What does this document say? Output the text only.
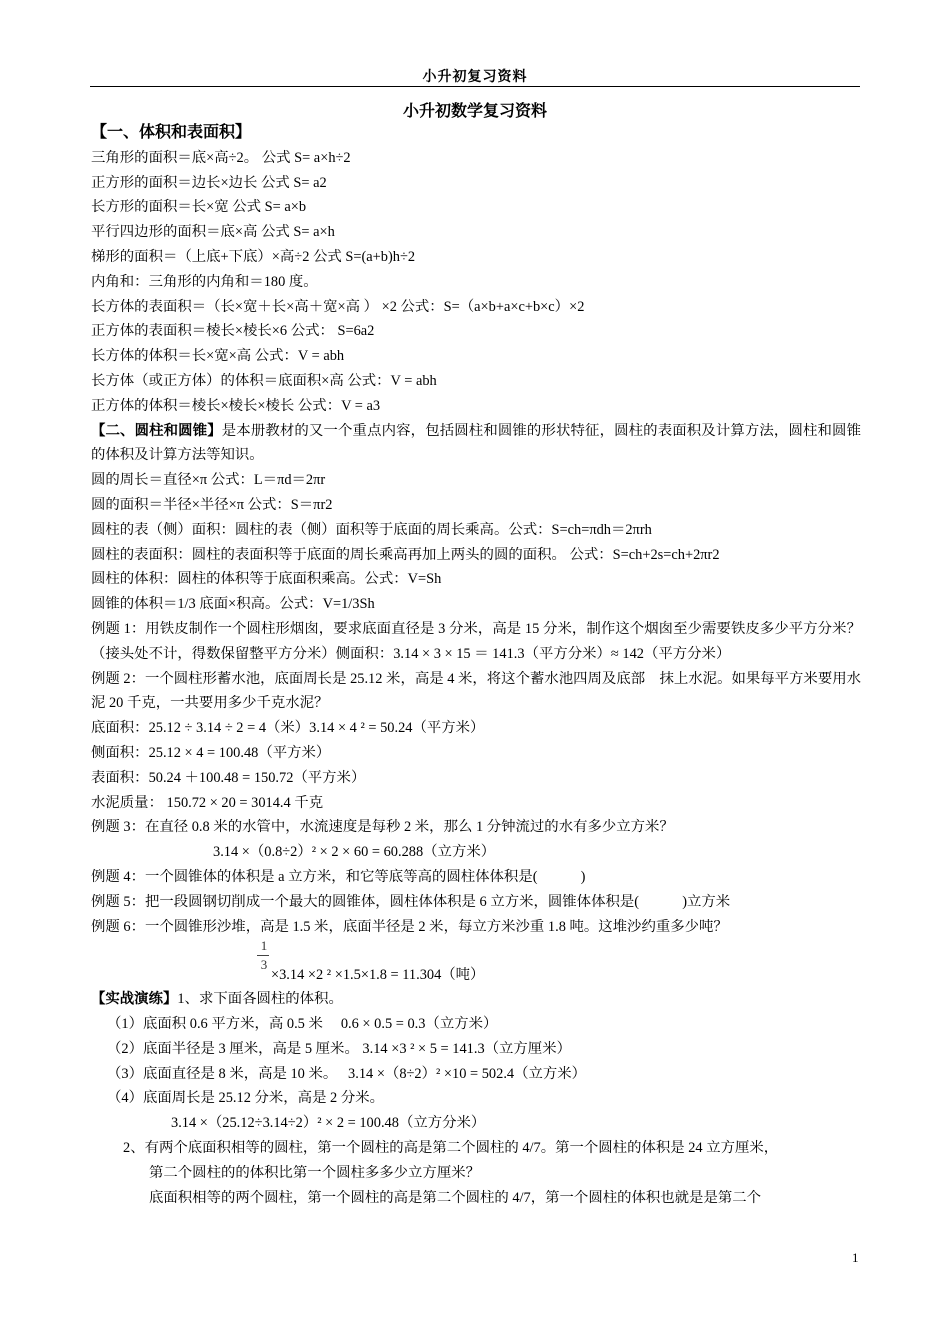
小升初复习资料
小升初数学复习资料
【一、体积和表面积】
三角形的面积＝底×高÷2。 公式 S= a×h÷2
正方形的面积＝边长×边长 公式 S= a2
长方形的面积＝长×宽 公式 S= a×b
平行四边形的面积＝底×高 公式 S= a×h
梯形的面积＝（上底+下底）×高÷2 公式 S=(a+b)h÷2
内角和：三角形的内角和＝180 度。
长方体的表面积＝（长×宽＋长×高＋宽×高 ） ×2 公式：S=（a×b+a×c+b×c）×2
正方体的表面积＝棱长×棱长×6 公式： S=6a2
长方体的体积＝长×宽×高 公式：V = abh
长方体（或正方体）的体积＝底面积×高 公式：V = abh
正方体的体积＝棱长×棱长×棱长 公式：V = a3
【二、圆柱和圆锥】是本册教材的又一个重点内容，包括圆柱和圆锥的形状特征，圆柱的表面积及计算方法，圆柱和圆锥的体积及计算方法等知识。
圆的周长＝直径×π 公式：L＝πd＝2πr
圆的面积＝半径×半径×π 公式：S＝πr2
圆柱的表（侧）面积：圆柱的表（侧）面积等于底面的周长乘高。公式：S=ch=πdh＝2πrh
圆柱的表面积：圆柱的表面积等于底面的周长乘高再加上两头的圆的面积。 公式：S=ch+2s=ch+2πr2
圆柱的体积：圆柱的体积等于底面积乘高。公式：V=Sh
圆锥的体积＝1/3 底面×积高。公式：V=1/3Sh
例题 1：用铁皮制作一个圆柱形烟囱，要求底面直径是 3 分米，高是 15 分米，制作这个烟囱至少需要铁皮多少平方分米？（接头处不计，得数保留整平方分米）侧面积：3.14 × 3 × 15 ＝ 141.3（平方分米）≈ 142（平方分米）
例题 2：一个圆柱形蓄水池，底面周长是 25.12 米，高是 4 米，将这个蓄水池四周及底部　抹上水泥。如果每平方米要用水泥 20 千克，一共要用多少千克水泥？
底面积：25.12 ÷ 3.14 ÷ 2 = 4（米）3.14 × 4 ² = 50.24（平方米）
侧面积：25.12 × 4 = 100.48（平方米）
表面积：50.24 ＋100.48 = 150.72（平方米）
水泥质量： 150.72 × 20 = 3014.4 千克
例题 3：在直径 0.8 米的水管中，水流速度是每秒 2 米，那么 1 分钟流过的水有多少立方米？
3.14 ×（0.8÷2）² × 2 × 60 = 60.288（立方米）
例题 4：一个圆锥体的体积是 a 立方米，和它等底等高的圆柱体体积是(　　　)
例题 5：把一段圆钢切削成一个最大的圆锥体，圆柱体体积是 6 立方米，圆锥体体积是(　　　)立方米
例题 6：一个圆锥形沙堆，高是 1.5 米，底面半径是 2 米，每立方米沙重 1.8 吨。这堆沙约重多少吨？
1
3
×3.14 ×2 ² ×1.5×1.8 = 11.304（吨）
【实战演练】1、求下面各圆柱的体积。
（1）底面积 0.6 平方米，高 0.5 米 　0.6 × 0.5 = 0.3（立方米）
（2）底面半径是 3 厘米，高是 5 厘米。 3.14 ×3 ² × 5 = 141.3（立方厘米）
（3）底面直径是 8 米，高是 10 米。　 3.14 ×（8÷2）² ×10 = 502.4（立方米）
（4）底面周长是 25.12 分米，高是 2 分米。
3.14 ×（25.12÷3.14÷2）² × 2 = 100.48（立方分米）
2、有两个底面积相等的圆柱，第一个圆柱的高是第二个圆柱的 4/7。第一个圆柱的体积是 24 立方厘米，
第二个圆柱的的体积比第一个圆柱多多少立方厘米？
底面积相等的两个圆柱，第一个圆柱的高是第二个圆柱的 4/7，第一个圆柱的体积也就是是第二个
1
